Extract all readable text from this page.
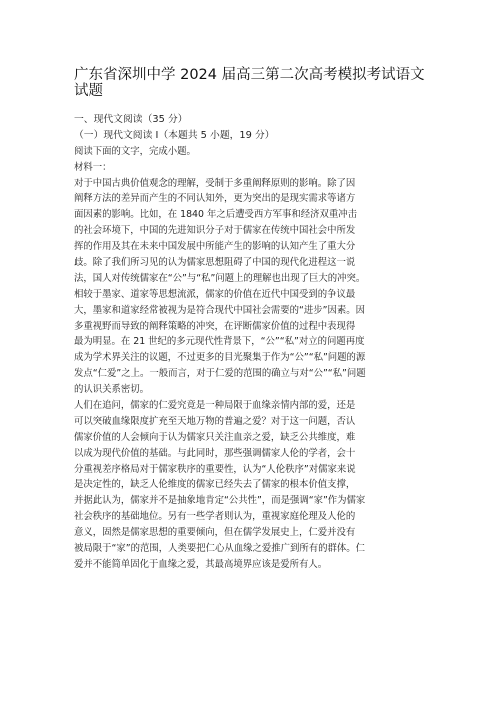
广东省深圳中学 2024 届高三第二次高考模拟考试语文
试题
一、现代文阅读（35 分）
（一）现代文阅读 I（本题共 5 小题，19 分）
阅读下面的文字，完成小题。
材料一：
对于中国古典价值观念的理解，受制于多重阐释原则的影响。除了因
阐释方法的差异而产生的不同认知外，更为突出的是现实需求等诸方
面因素的影响。比如，在 1840 年之后遭受西方军事和经济双重冲击
的社会环境下，中国的先进知识分子对于儒家在传统中国社会中所发
挥的作用及其在未来中国发展中所能产生的影响的认知产生了重大分
歧。除了我们所习见的认为儒家思想阻碍了中国的现代化进程这一说
法，国人对传统儒家在“公”与“私”问题上的理解也出现了巨大的冲突。
相较于墨家、道家等思想流派，儒家的价值在近代中国受到的争议最
大，墨家和道家经常被视为是符合现代中国社会需要的“进步”因素。因
多重视野而导致的阐释策略的冲突，在评断儒家价值的过程中表现得
最为明显。在 21 世纪的多元现代性背景下，“公”“私”对立的问题再度
成为学术界关注的议题，不过更多的目光聚集于作为“公”“私”问题的源
发点“仁爱”之上。一般而言，对于仁爱的范围的确立与对“公”“私”问题
的认识关系密切。
人们在追问，儒家的仁爱究竟是一种局限于血缘亲情内部的爱，还是
可以突破血缘限度扩充至天地万物的普遍之爱？对于这一问题，否认
儒家价值的人会倾向于认为儒家只关注血亲之爱，缺乏公共维度，难
以成为现代价值的基础。与此同时，那些强调儒家人伦的学者，会十
分重视差序格局对于儒家秩序的重要性，认为“人伦秩序”对儒家来说
是决定性的，缺乏人伦维度的儒家已经失去了儒家的根本价值支撑，
并据此认为，儒家并不是抽象地肯定“公共性”，而是强调“家”作为儒家
社会秩序的基础地位。另有一些学者则认为，重视家庭伦理及人伦的
意义，固然是儒家思想的重要倾向，但在儒学发展史上，仁爱并没有
被局限于“家”的范围，人类要把仁心从血缘之爱推广到所有的群体。仁
爱并不能简单固化于血缘之爱，其最高境界应该是爱所有人。
